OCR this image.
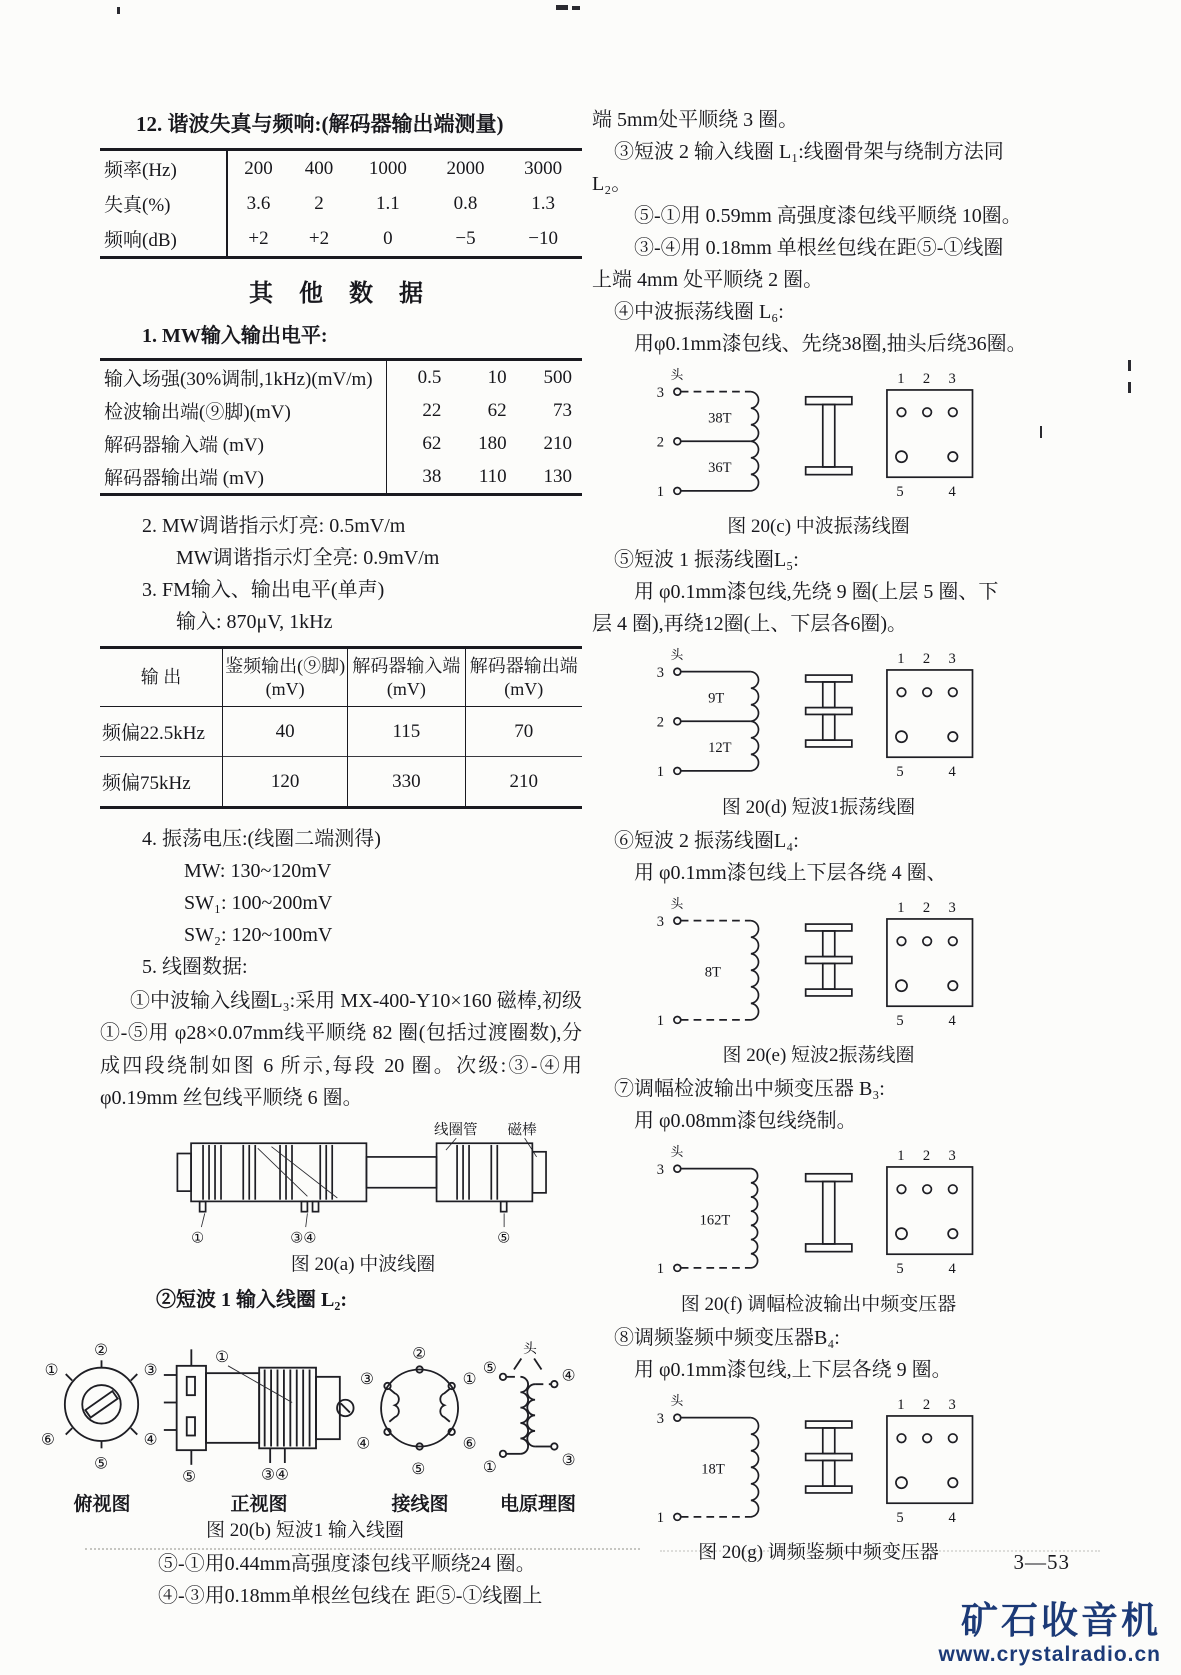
12. 谐波失真与频响:(解码器输出端测量)
频率(Hz)	200	400	1000	2000	3000
失真(%)	3.6	2	1.1	0.8	1.3
频响(dB)	+2	+2	0	−5	−10
其 他 数 据
1. MW输入输出电平:
输入场强(30%调制,1kHz)(mV/m)	0.5	10	500
检波输出端(⑨脚)(mV)	22	62	73
解码器输入端 (mV)	62	180	210
解码器输出端 (mV)	38	110	130
2. MW调谐指示灯亮: 0.5mV/m
MW调谐指示灯全亮: 0.9mV/m
3. FM输入、输出电平(单声)
输入: 870μV, 1kHz
输 出	鉴频输出(⑨脚) (mV)	解码器输入端 (mV)	解码器输出端 (mV)
频偏22.5kHz	40	115	70
频偏75kHz	120	330	210
4. 振荡电压:(线圈二端测得)
MW: 130~120mV
SW₁: 100~200mV
SW₂: 120~100mV
5. 线圈数据:
①中波输入线圈L₃:采用 MX-400-Y10×160 磁棒,初级①-⑤用 φ28×0.07mm线平顺绕 82 圈(包括过渡圈数),分成四段绕制如图 6 所示,每段 20 圈。次级:③-④用φ0.19mm 丝包线平顺绕 6 圈。
线圈管 磁棒
①	③④	⑤
图 20(a) 中波线圈
②短波 1 输入线圈 L₂:
②
①	③
⑥	④
⑤
①
⑤	③④
②
③	①
④	⑥
⑤
头
⑤
①
④
③
俯视图	正视图	接线图	电原理图
图 20(b) 短波1 输入线圈
⑤-①用0.44mm高强度漆包线平顺绕24 圈。
④-③用0.18mm单根丝包线在 距⑤-①线圈上
端 5mm处平顺绕 3 圈。
③短波 2 输入线圈 L₁:线圈骨架与绕制方法同
L₂。
⑤-①用 0.59mm 高强度漆包线平顺绕 10圈。
③-④用 0.18mm 单根丝包线在距⑤-①线圈
上端 4mm 处平顺绕 2 圈。
④中波振荡线圈 L₆:
用φ0.1mm漆包线、先绕38圈,抽头后绕36圈。
头
3
2
1
38T
36T
1 2 3
5	4
图 20(c) 中波振荡线圈
⑤短波 1 振荡线圈L₅:
用 φ0.1mm漆包线,先绕 9 圈(上层 5 圈、下
层 4 圈),再绕12圈(上、下层各6圈)。
头
3
2
1
9T
12T
1 2 3
5	4
图 20(d) 短波1振荡线圈
⑥短波 2 振荡线圈L₄:
用 φ0.1mm漆包线上下层各绕 4 圈、
头
3
1
8T
1 2 3
5	4
图 20(e) 短波2振荡线圈
⑦调幅检波输出中频变压器 B₃:
用 φ0.08mm漆包线绕制。
头
3
1
162T
1 2 3
5	4
图 20(f) 调幅检波输出中频变压器
⑧调频鉴频中频变压器B₄:
用 φ0.1mm漆包线,上下层各绕 9 圈。
头
3
1
18T
1 2 3
5	4
图 20(g) 调频鉴频中频变压器	3—53
矿石收音机
www.crystalradio.cn
